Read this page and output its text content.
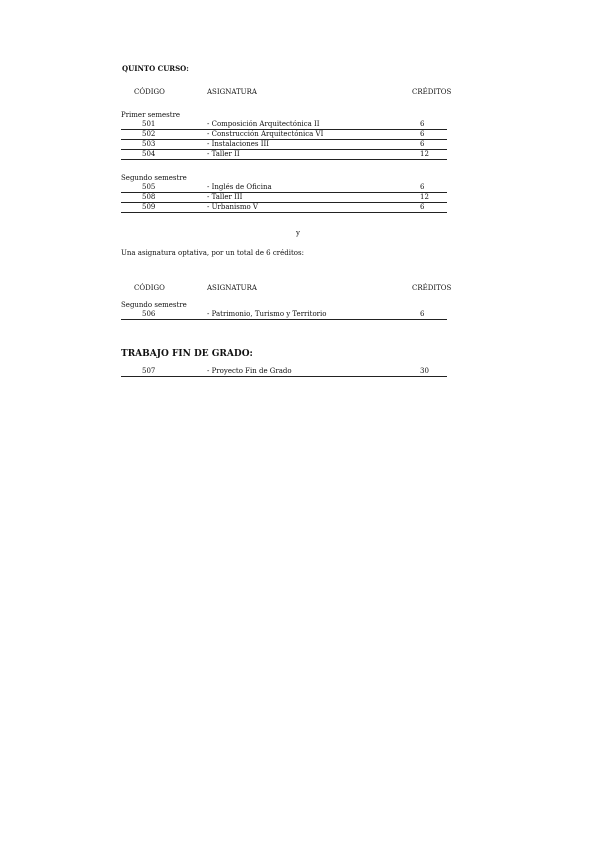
QUINTO CURSO:
CÓDIGO	ASIGNATURA	CRÉDITOS
Primer semestre
501	- Composición Arquitectónica II	6
502	- Construcción Arquitectónica VI	6
503	- Instalaciones III	6
504	- Taller II	12
Segundo semestre
505	- Inglés de Oficina	6
508	- Taller III	12
509	- Urbanismo V	6
y
Una asignatura optativa, por un total de 6 créditos:
CÓDIGO	ASIGNATURA	CRÉDITOS
Segundo semestre
506	- Patrimonio, Turismo y Territorio	6
TRABAJO FIN DE GRADO:
507	- Proyecto Fin de Grado	30
